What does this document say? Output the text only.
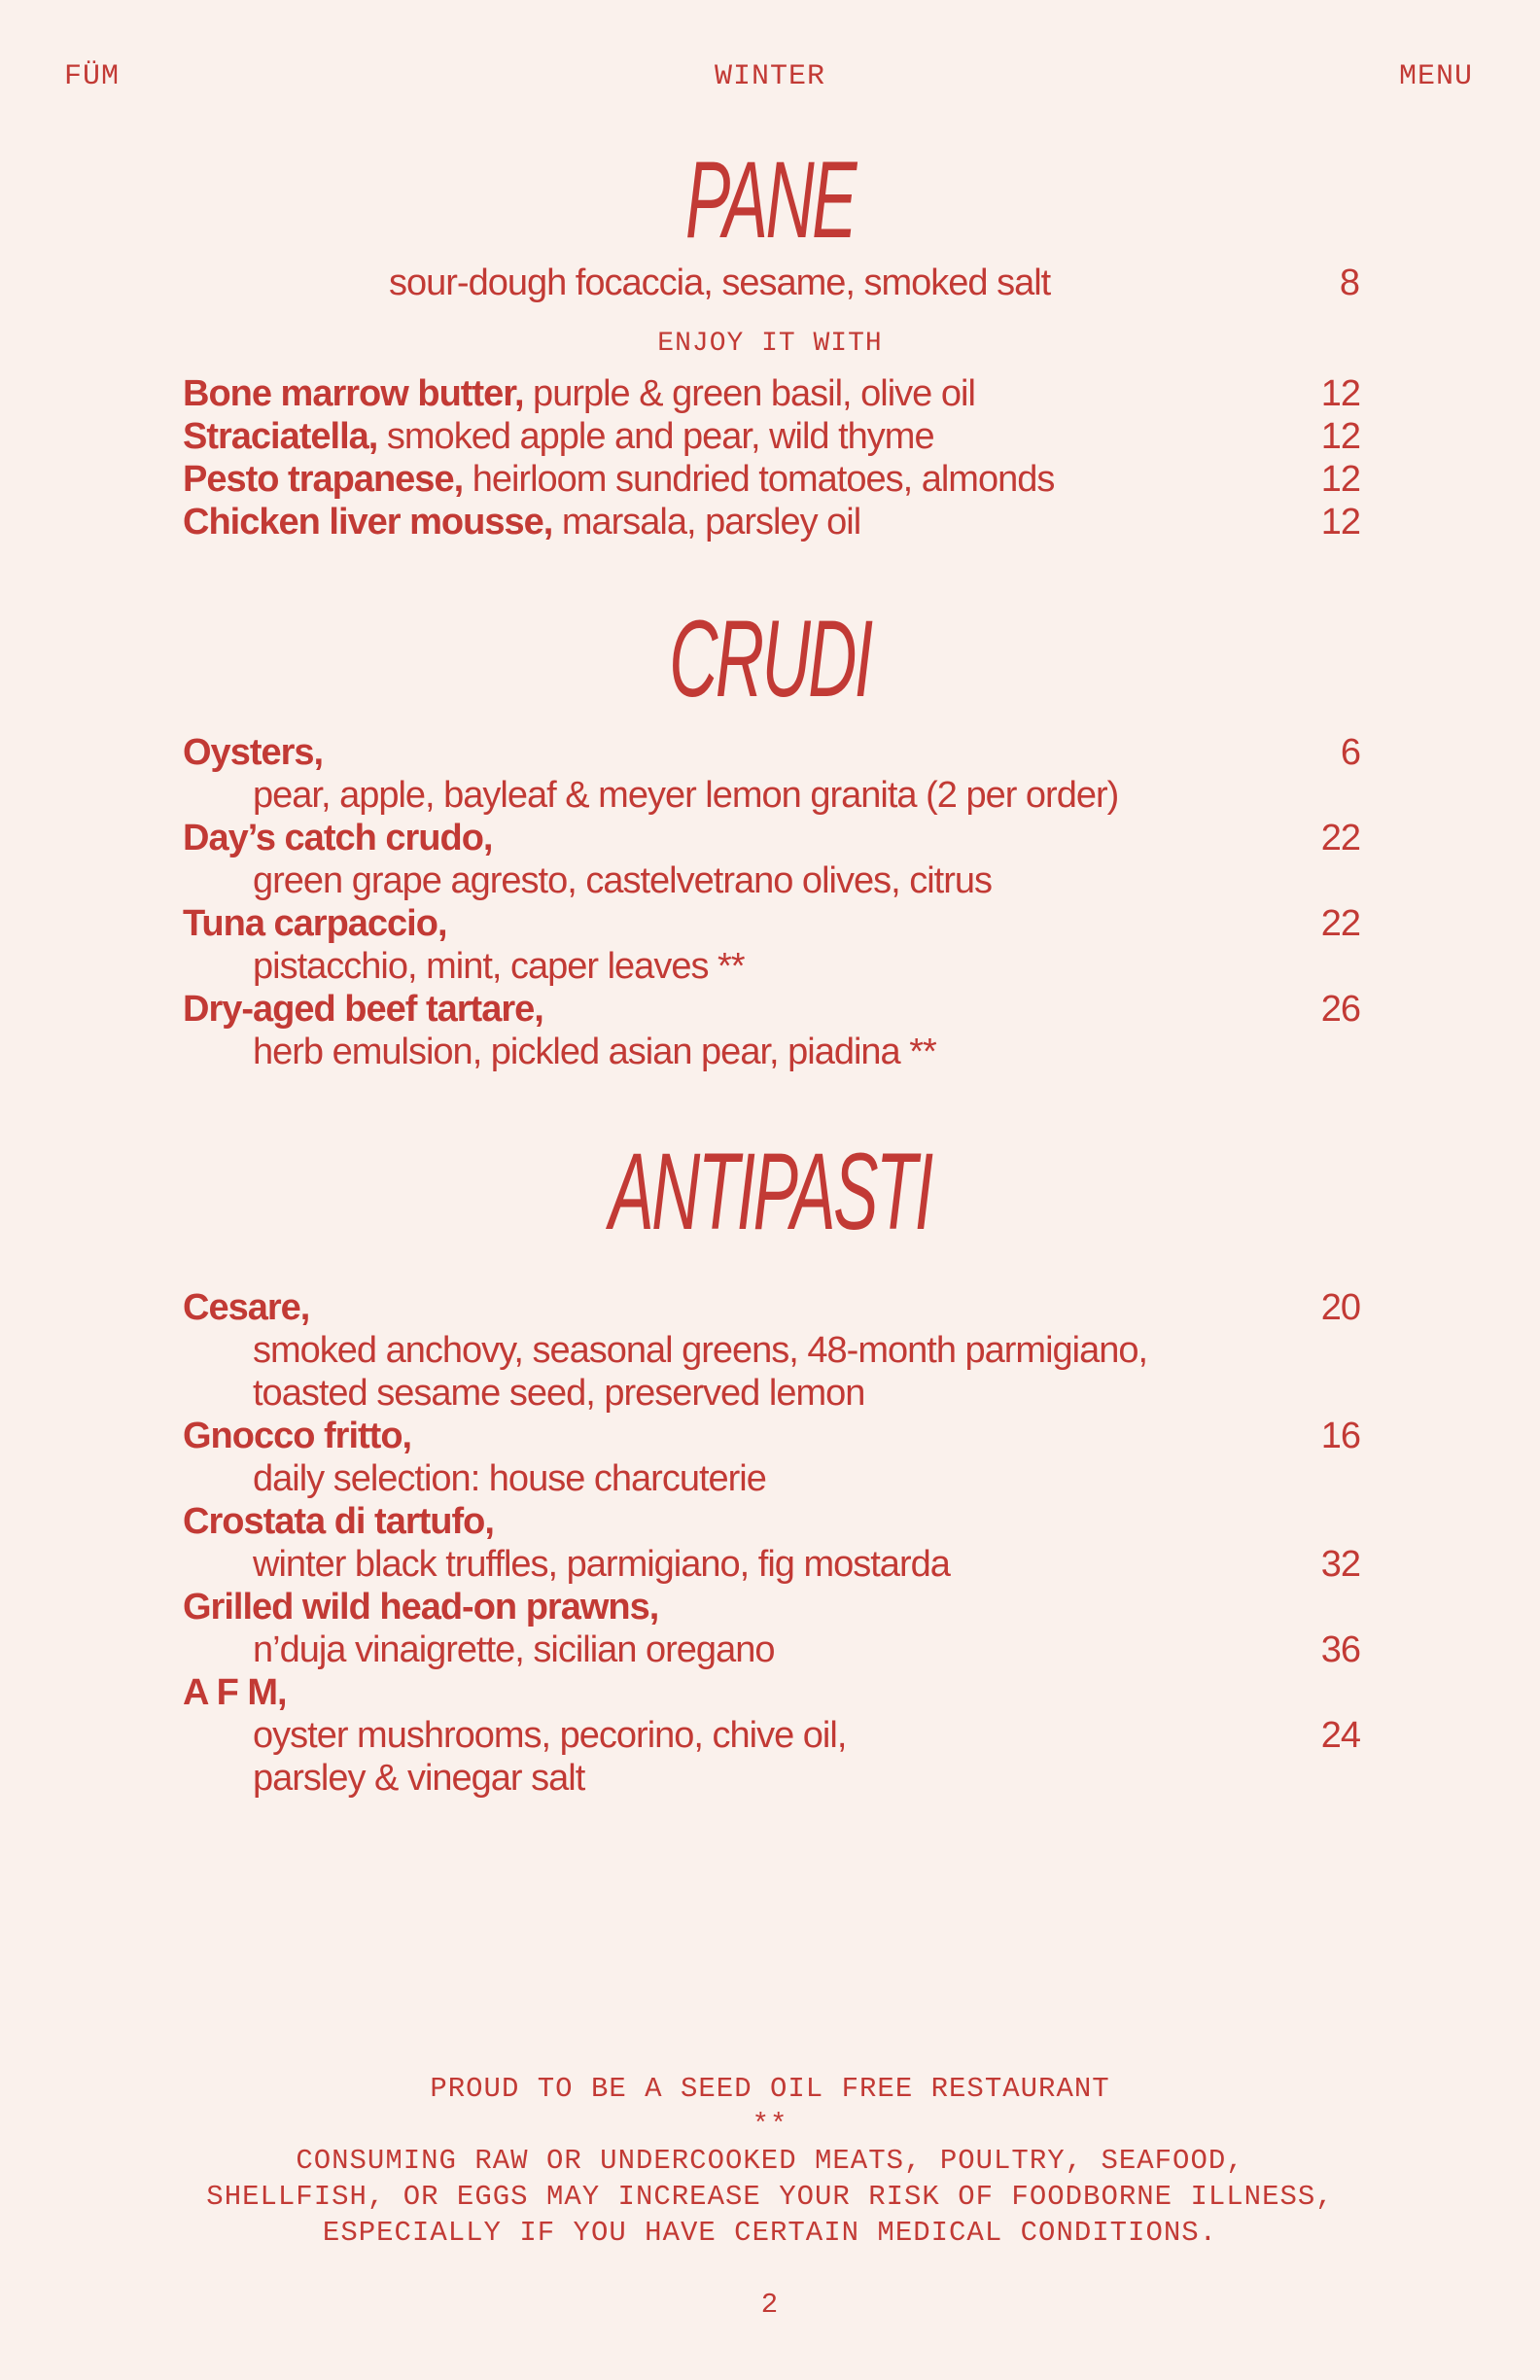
FÜM	WINTER	MENU
PANE
sour-dough focaccia, sesame, smoked salt	8
ENJOY IT WITH
Bone marrow butter, purple & green basil, olive oil	12
Straciatella, smoked apple and pear, wild thyme	12
Pesto trapanese, heirloom sundried tomatoes, almonds	12
Chicken liver mousse, marsala, parsley oil	12
CRUDI
Oysters,	6
pear, apple, bayleaf & meyer lemon granita (2 per order)
Day’s catch crudo,	22
green grape agresto, castelvetrano olives, citrus
Tuna carpaccio,	22
pistacchio, mint, caper leaves **
Dry-aged beef tartare,	26
herb emulsion, pickled asian pear, piadina **
ANTIPASTI
Cesare,	20
smoked anchovy, seasonal greens, 48-month parmigiano,
toasted sesame seed, preserved lemon
Gnocco fritto,	16
daily selection: house charcuterie
Crostata di tartufo,
winter black truffles, parmigiano, fig mostarda	32
Grilled wild head-on prawns,
n’duja vinaigrette, sicilian oregano	36
A F M,
oyster mushrooms, pecorino, chive oil,	24
parsley & vinegar salt
PROUD TO BE A SEED OIL FREE RESTAURANT
**
CONSUMING RAW OR UNDERCOOKED MEATS, POULTRY, SEAFOOD,
SHELLFISH, OR EGGS MAY INCREASE YOUR RISK OF FOODBORNE ILLNESS,
ESPECIALLY IF YOU HAVE CERTAIN MEDICAL CONDITIONS.
2
